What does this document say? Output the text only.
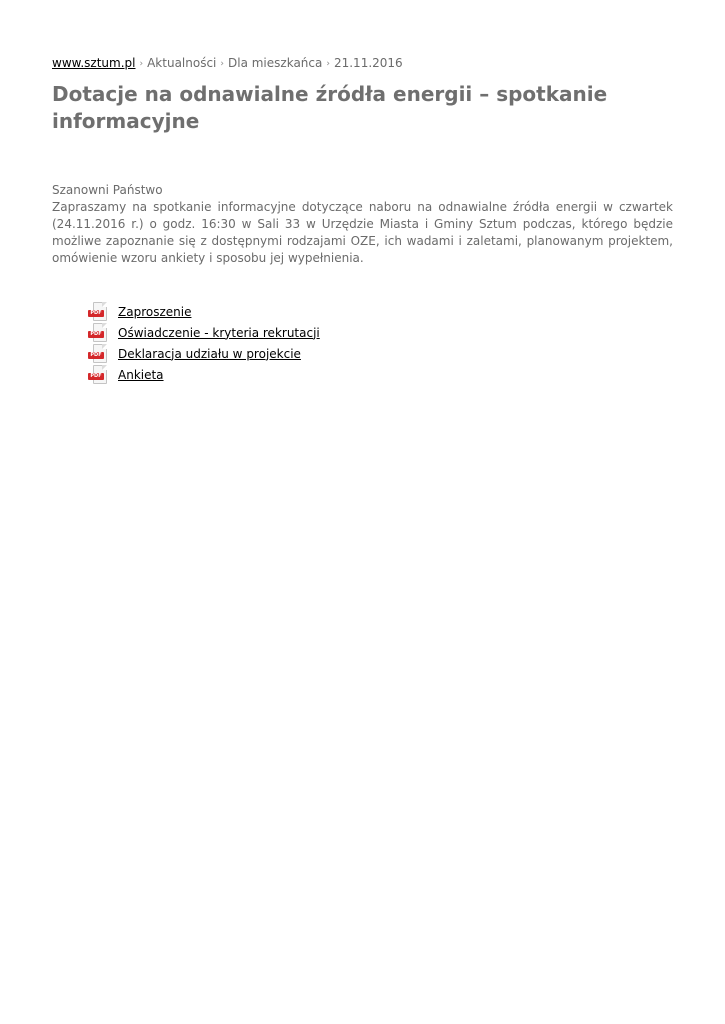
www.sztum.pl › Aktualności › Dla mieszkańca › 21.11.2016
Dotacje na odnawialne źródła energii – spotkanie informacyjne

Szanowni Państwo

Zapraszamy na spotkanie informacyjne dotyczące naboru na odnawialne źródła energii w czwartek (24.11.2016 r.) o godz. 16:30 w Sali 33 w Urzędzie Miasta i Gminy Sztum podczas, którego będzie możliwe zapoznanie się z dostępnymi rodzajami OZE, ich wadami i zaletami, planowanym projektem, omówienie wzoru ankiety i sposobu jej wypełnienia.

PDF Zaproszenie
PDF Oświadczenie - kryteria rekrutacji
PDF Deklaracja udziału w projekcie
PDF Ankieta
